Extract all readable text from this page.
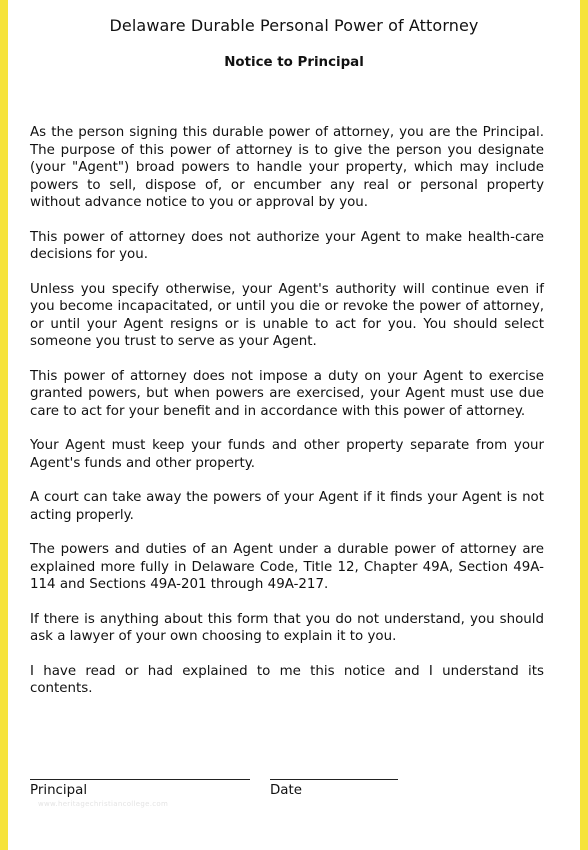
Delaware Durable Personal Power of Attorney
Notice to Principal

As the person signing this durable power of attorney, you are the Principal. The purpose of this power of attorney is to give the person you designate (your "Agent") broad powers to handle your property, which may include powers to sell, dispose of, or encumber any real or personal property without advance notice to you or approval by you.

This power of attorney does not authorize your Agent to make health-care decisions for you.

Unless you specify otherwise, your Agent's authority will continue even if you become incapacitated, or until you die or revoke the power of attorney, or until your Agent resigns or is unable to act for you. You should select someone you trust to serve as your Agent.

This power of attorney does not impose a duty on your Agent to exercise granted powers, but when powers are exercised, your Agent must use due care to act for your benefit and in accordance with this power of attorney.

Your Agent must keep your funds and other property separate from your Agent's funds and other property.

A court can take away the powers of your Agent if it finds your Agent is not acting properly.

The powers and duties of an Agent under a durable power of attorney are explained more fully in Delaware Code, Title 12, Chapter 49A, Section 49A-114 and Sections 49A-201 through 49A-217.

If there is anything about this form that you do not understand, you should ask a lawyer of your own choosing to explain it to you.

I have read or had explained to me this notice and I understand its contents.

Principal	Date
www.heritagechristiancollege.com
